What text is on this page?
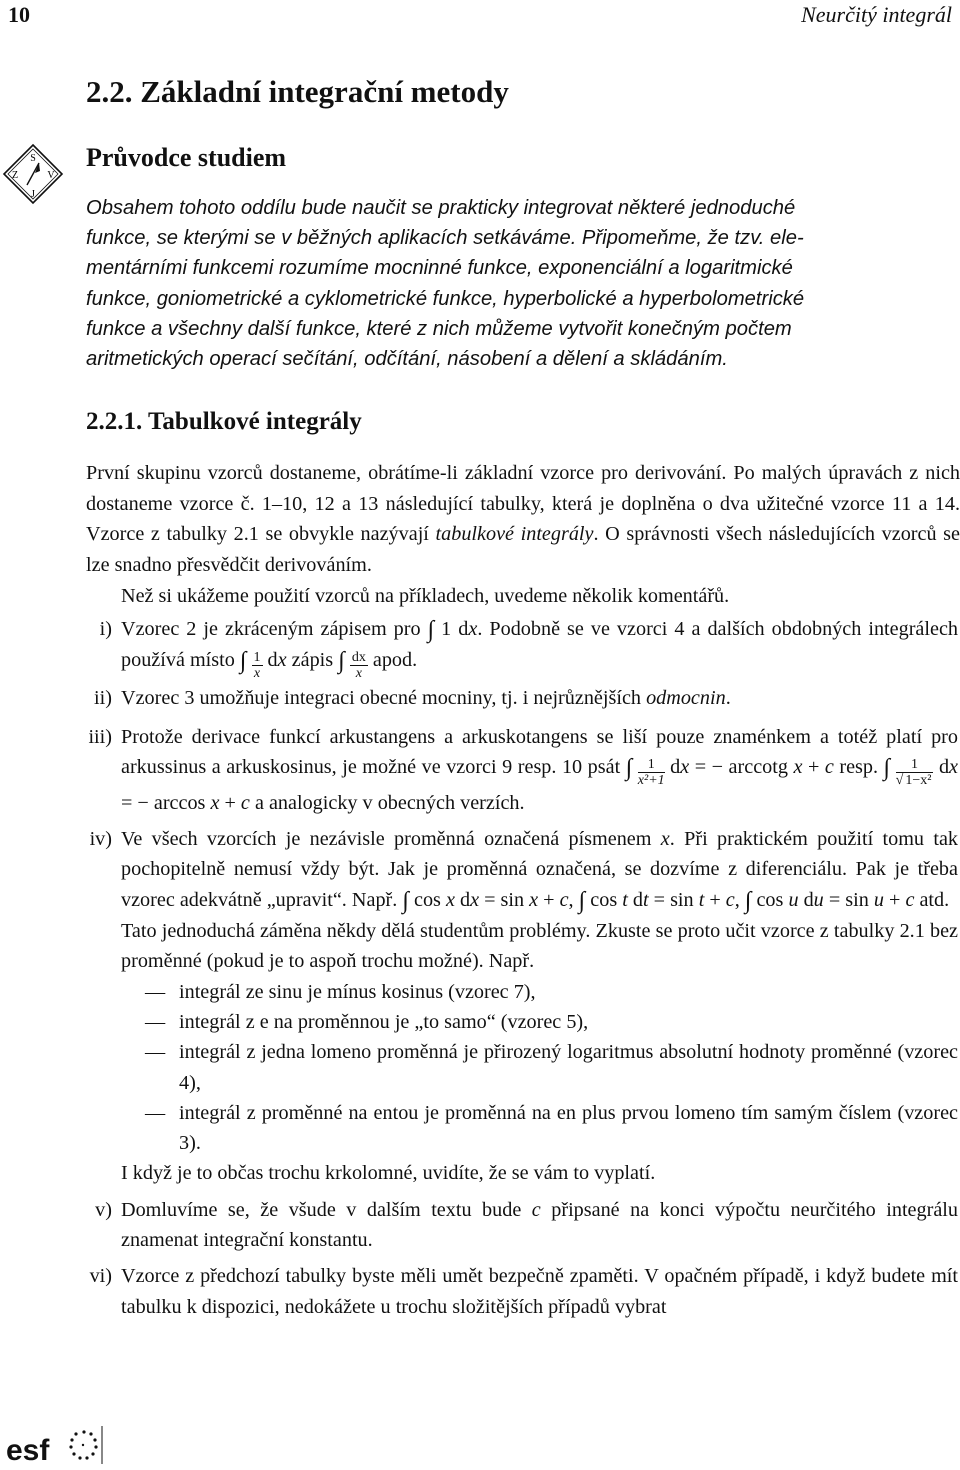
10	Neurčitý integrál
2.2. Základní integrační metody
S
Z	V
J
Průvodce studiem
Obsahem tohoto oddílu bude naučit se prakticky integrovat některé jednoduché
funkce, se kterými se v běžných aplikacích setkáváme. Připomeňme, že tzv. ele-
mentárními funkcemi rozumíme mocninné funkce, exponenciální a logaritmické
funkce, goniometrické a cyklometrické funkce, hyperbolické a hyperbolometrické
funkce a všechny další funkce, které z nich můžeme vytvořit konečným počtem
aritmetických operací sečítání, odčítání, násobení a dělení a skládáním.
2.2.1. Tabulkové integrály

První skupinu vzorců dostaneme, obrátíme-li základní vzorce pro derivování. Po malých úpravách z nich dostaneme vzorce č. 1–10, 12 a 13 následující tabulky, která je doplněna o dva užitečné vzorce 11 a 14. Vzorce z tabulky 2.1 se obvykle nazývají tabulkové integrály. O správnosti všech následujících vzorců se lze snadno přesvědčit derivováním.

Než si ukážeme použití vzorců na příkladech, uvedeme několik komentářů.

i) Vzorec 2 je zkráceným zápisem pro ∫ 1 dx. Podobně se ve vzorci 4 a dalších obdobných integrálech používá místo ∫ $\frac{1}{x}$ dx zápis ∫ $\frac{dx}{x}$ apod.

ii) Vzorec 3 umožňuje integraci obecné mocniny, tj. i nejrůznějších odmocnin.

iii) Protože derivace funkcí arkustangens a arkuskotangens se liší pouze znaménkem a totéž platí pro arkussinus a arkuskosinus, je možné ve vzorci 9 resp. 10 psát ∫ $\frac{1}{\text{x²+1}}$ dx = − arccotg x + c resp. ∫ $\frac{1}{\text{√ 1−x²}}$ dx = − arccos x + c a analogicky v obecných verzích.

iv) Ve všech vzorcích je nezávisle proměnná označená písmenem x. Při praktickém použití tomu tak pochopitelně nemusí vždy být. Jak je proměnná označená, se dozvíme z diferenciálu. Pak je třeba vzorec adekvátně „upravit“. Např. ∫ cos x dx = sin x + c, ∫ cos t dt = sin t + c, ∫ cos u du = sin u + c atd.

Tato jednoduchá záměna někdy dělá studentům problémy. Zkuste se proto učit vzorce z tabulky 2.1 bez proměnné (pokud je to aspoň trochu možné). Např.

— integrál ze sinu je mínus kosinus (vzorec 7),
— integrál z e na proměnnou je „to samo“ (vzorec 5),
— integrál z jedna lomeno proměnná je přirozený logaritmus absolutní hodnoty proměnné (vzorec 4),
— integrál z proměnné na entou je proměnná na en plus prvou lomeno tím samým číslem (vzorec 3).

I když je to občas trochu krkolomné, uvidíte, že se vám to vyplatí.

v) Domluvíme se, že všude v dalším textu bude c připsané na konci výpočtu neurčitého integrálu znamenat integrační konstantu.

vi) Vzorce z předchozí tabulky byste měli umět bezpečně zpaměti. V opačném případě, i když budete mít tabulku k dispozici, nedokážete u trochu složitějších případů vybrat

esf
